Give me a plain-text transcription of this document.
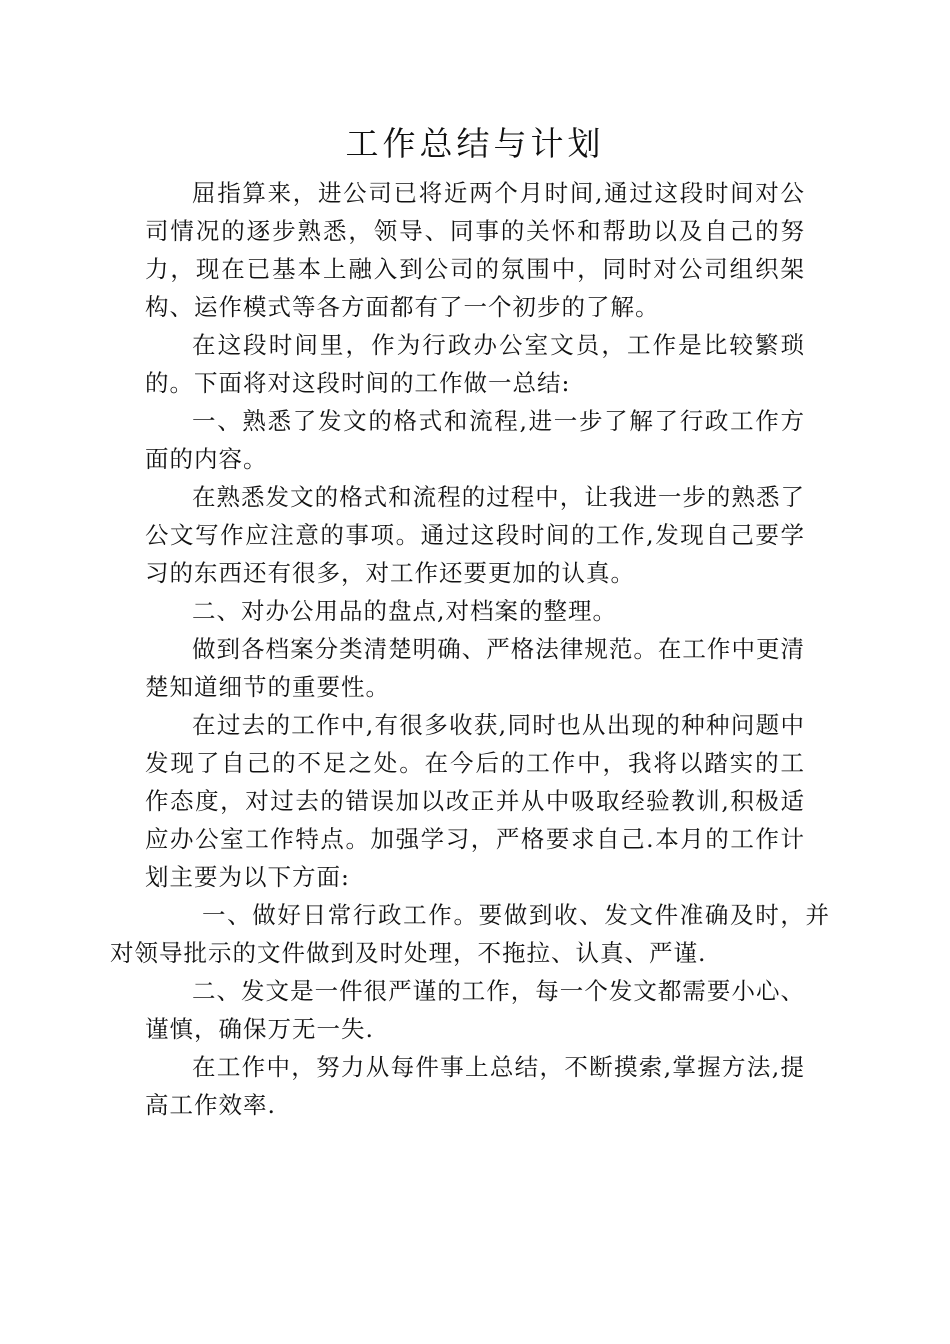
工作总结与计划
屈指算来，进公司已将近两个月时间,通过这段时间对公司情况的逐步熟悉，领导、同事的关怀和帮助以及自己的努力，现在已基本上融入到公司的氛围中，同时对公司组织架构、运作模式等各方面都有了一个初步的了解。
在这段时间里，作为行政办公室文员，工作是比较繁琐的。下面将对这段时间的工作做一总结:
一、熟悉了发文的格式和流程,进一步了解了行政工作方面的内容。
在熟悉发文的格式和流程的过程中，让我进一步的熟悉了公文写作应注意的事项。通过这段时间的工作,发现自己要学习的东西还有很多，对工作还要更加的认真。
二、对办公用品的盘点,对档案的整理。
做到各档案分类清楚明确、严格法律规范。在工作中更清楚知道细节的重要性。
在过去的工作中,有很多收获,同时也从出现的种种问题中发现了自己的不足之处。在今后的工作中，我将以踏实的工作态度，对过去的错误加以改正并从中吸取经验教训,积极适应办公室工作特点。加强学习，严格要求自己.本月的工作计划主要为以下方面:
一、做好日常行政工作。要做到收、发文件准确及时，并对领导批示的文件做到及时处理，不拖拉、认真、严谨.
二、发文是一件很严谨的工作，每一个发文都需要小心、谨慎，确保万无一失.
在工作中，努力从每件事上总结，不断摸索,掌握方法,提高工作效率.
